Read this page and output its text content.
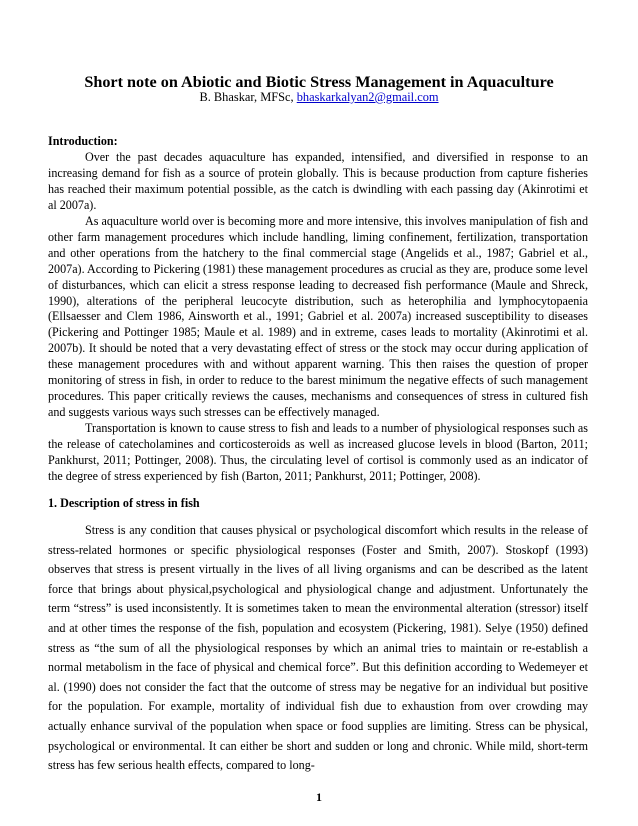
Short note on Abiotic and Biotic Stress Management in Aquaculture
B. Bhaskar, MFSc, bhaskarkalyan2@gmail.com
Introduction:

Over the past decades aquaculture has expanded, intensified, and diversified in response to an increasing demand for fish as a source of protein globally. This is because production from capture fisheries has reached their maximum potential possible, as the catch is dwindling with each passing day (Akinrotimi et al 2007a).

As aquaculture world over is becoming more and more intensive, this involves manipulation of fish and other farm management procedures which include handling, liming confinement, fertilization, transportation and other operations from the hatchery to the final commercial stage (Angelids et al., 1987; Gabriel et al., 2007a). According to Pickering (1981) these management procedures as crucial as they are, produce some level of disturbances, which can elicit a stress response leading to decreased fish performance (Maule and Shreck, 1990), alterations of the peripheral leucocyte distribution, such as heterophilia and lymphocytopaenia (Ellsaesser and Clem 1986, Ainsworth et al., 1991; Gabriel et al. 2007a) increased susceptibility to diseases (Pickering and Pottinger 1985; Maule et al. 1989) and in extreme, cases leads to mortality (Akinrotimi et al. 2007b). It should be noted that a very devastating effect of stress or the stock may occur during application of these management procedures with and without apparent warning. This then raises the question of proper monitoring of stress in fish, in order to reduce to the barest minimum the negative effects of such management procedures. This paper critically reviews the causes, mechanisms and consequences of stress in cultured fish and suggests various ways such stresses can be effectively managed.

Transportation is known to cause stress to fish and leads to a number of physiological responses such as the release of catecholamines and corticosteroids as well as increased glucose levels in blood (Barton, 2011; Pankhurst, 2011; Pottinger, 2008). Thus, the circulating level of cortisol is commonly used as an indicator of the degree of stress experienced by fish (Barton, 2011; Pankhurst, 2011; Pottinger, 2008).

1. Description of stress in fish

Stress is any condition that causes physical or psychological discomfort which results in the release of stress-related hormones or specific physiological responses (Foster and Smith, 2007). Stoskopf (1993) observes that stress is present virtually in the lives of all living organisms and can be described as the latent force that brings about physical,psychological and physiological change and adjustment. Unfortunately the term “stress” is used inconsistently. It is sometimes taken to mean the environmental alteration (stressor) itself and at other times the response of the fish, population and ecosystem (Pickering, 1981). Selye (1950) defined stress as “the sum of all the physiological responses by which an animal tries to maintain or re-establish a normal metabolism in the face of physical and chemical force”. But this definition according to Wedemeyer et al. (1990) does not consider the fact that the outcome of stress may be negative for an individual but positive for the population. For example, mortality of individual fish due to exhaustion from over crowding may actually enhance survival of the population when space or food supplies are limiting. Stress can be physical, psychological or environmental. It can either be short and sudden or long and chronic. While mild, short-term stress has few serious health effects, compared to long-

1
